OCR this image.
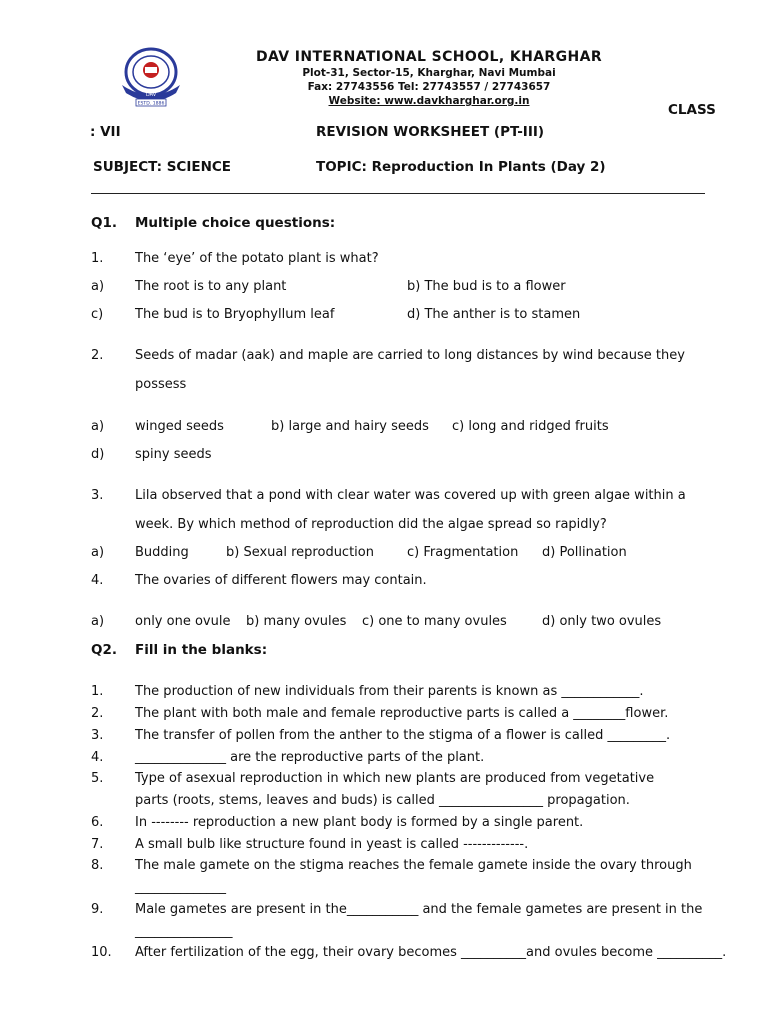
DAV
ESTD. 1886
DAV INTERNATIONAL SCHOOL, KHARGHAR
Plot-31, Sector-15, Kharghar, Navi Mumbai
Fax: 27743556 Tel: 27743557 / 27743657
Website: www.davkharghar.org.in
CLASS
: VII	REVISION WORKSHEET (PT-III)
SUBJECT: SCIENCE	TOPIC: Reproduction In Plants (Day 2)
Q1. Multiple choice questions:
1. The ‘eye’ of the potato plant is what?
a) The root is to any plant	b) The bud is to a flower
c) The bud is to Bryophyllum leaf	d) The anther is to stamen
2. Seeds of madar (aak) and maple are carried to long distances by wind because they
possess
a) winged seeds	b) large and hairy seeds c) long and ridged fruits
d) spiny seeds
3. Lila observed that a pond with clear water was covered up with green algae within a
week. By which method of reproduction did the algae spread so rapidly?
a) Budding	b) Sexual reproduction	c) Fragmentation d) Pollination
4. The ovaries of different flowers may contain.
a) only one ovule b) many ovules c) one to many ovules	d) only two ovules
Q2. Fill in the blanks:
1. The production of new individuals from their parents is known as ____________.
2. The plant with both male and female reproductive parts is called a ________flower.
3. The transfer of pollen from the anther to the stigma of a flower is called _________.
4. ______________ are the reproductive parts of the plant.
5. Type of asexual reproduction in which new plants are produced from vegetative
parts (roots, stems, leaves and buds) is called ________________ propagation.
6. In -------- reproduction a new plant body is formed by a single parent.
7. A small bulb like structure found in yeast is called -------------.
8. The male gamete on the stigma reaches the female gamete inside the ovary through
______________
9. Male gametes are present in the___________ and the female gametes are present in the
_______________
10. After fertilization of the egg, their ovary becomes __________and ovules become __________.
